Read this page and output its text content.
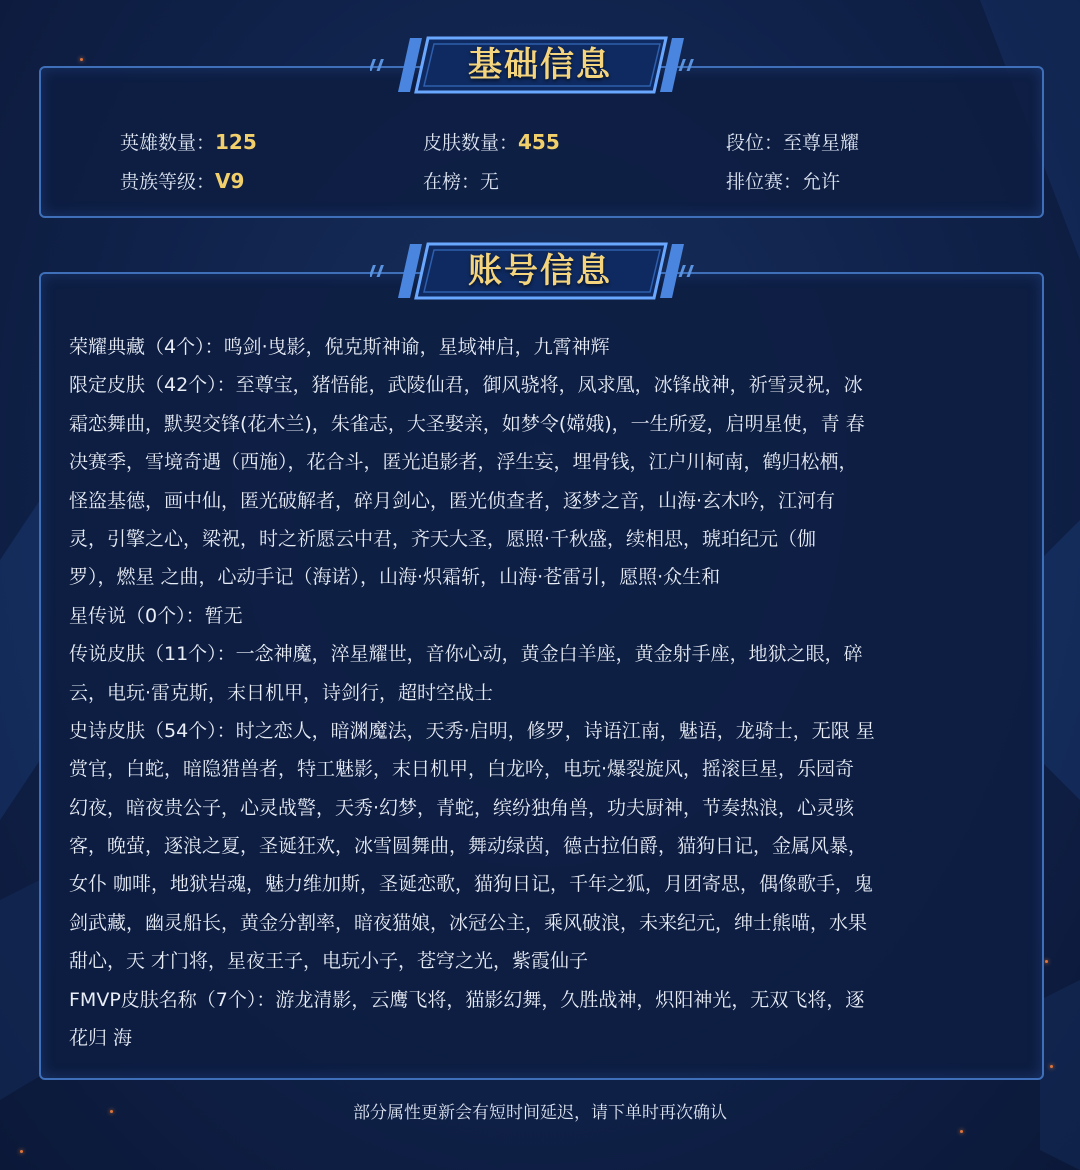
英雄数量：125	皮肤数量：455	段位：至尊星耀
贵族等级：V9	在榜：无	排位赛：允许
基础信息
账号信息
荣耀典藏（4个）：鸣剑·曳影，倪克斯神谕，星域神启，九霄神辉
限定皮肤（42个）：至尊宝，猪悟能，武陵仙君，御风骁将，凤求凰，冰锋战神，祈雪灵祝，冰
霜恋舞曲，默契交锋(花木兰)，朱雀志，大圣娶亲，如梦令(嫦娥)，一生所爱，启明星使，青 春
决赛季，雪境奇遇（西施），花合斗，匿光追影者，浮生妄，埋骨钱，江户川柯南，鹤归松栖，
怪盗基德，画中仙，匿光破解者，碎月剑心，匿光侦查者，逐梦之音，山海·玄木吟，江河有
灵，引擎之心，梁祝，时之祈愿云中君，齐天大圣，愿照·千秋盛，续相思，琥珀纪元（伽
罗），燃星 之曲，心动手记（海诺），山海·炽霜斩，山海·苍雷引，愿照·众生和
星传说（0个）：暂无
传说皮肤（11个）：一念神魔，淬星耀世，音你心动，黄金白羊座，黄金射手座，地狱之眼，碎
云，电玩·雷克斯，末日机甲，诗剑行，超时空战士
史诗皮肤（54个）：时之恋人，暗渊魔法，天秀·启明，修罗，诗语江南，魅语，龙骑士，无限 星
赏官，白蛇，暗隐猎兽者，特工魅影，末日机甲，白龙吟，电玩·爆裂旋风，摇滚巨星，乐园奇
幻夜，暗夜贵公子，心灵战警，天秀·幻梦，青蛇，缤纷独角兽，功夫厨神，节奏热浪，心灵骇
客，晚萤，逐浪之夏，圣诞狂欢，冰雪圆舞曲，舞动绿茵，德古拉伯爵，猫狗日记，金属风暴，
女仆 咖啡，地狱岩魂，魅力维加斯，圣诞恋歌，猫狗日记，千年之狐，月团寄思，偶像歌手，鬼
剑武藏，幽灵船长，黄金分割率，暗夜猫娘，冰冠公主，乘风破浪，未来纪元，绅士熊喵，水果
甜心，天 才门将，星夜王子，电玩小子，苍穹之光，紫霞仙子
FMVP皮肤名称（7个）：游龙清影，云鹰飞将，猫影幻舞，久胜战神，炽阳神光，无双飞将，逐
花归 海
部分属性更新会有短时间延迟，请下单时再次确认
